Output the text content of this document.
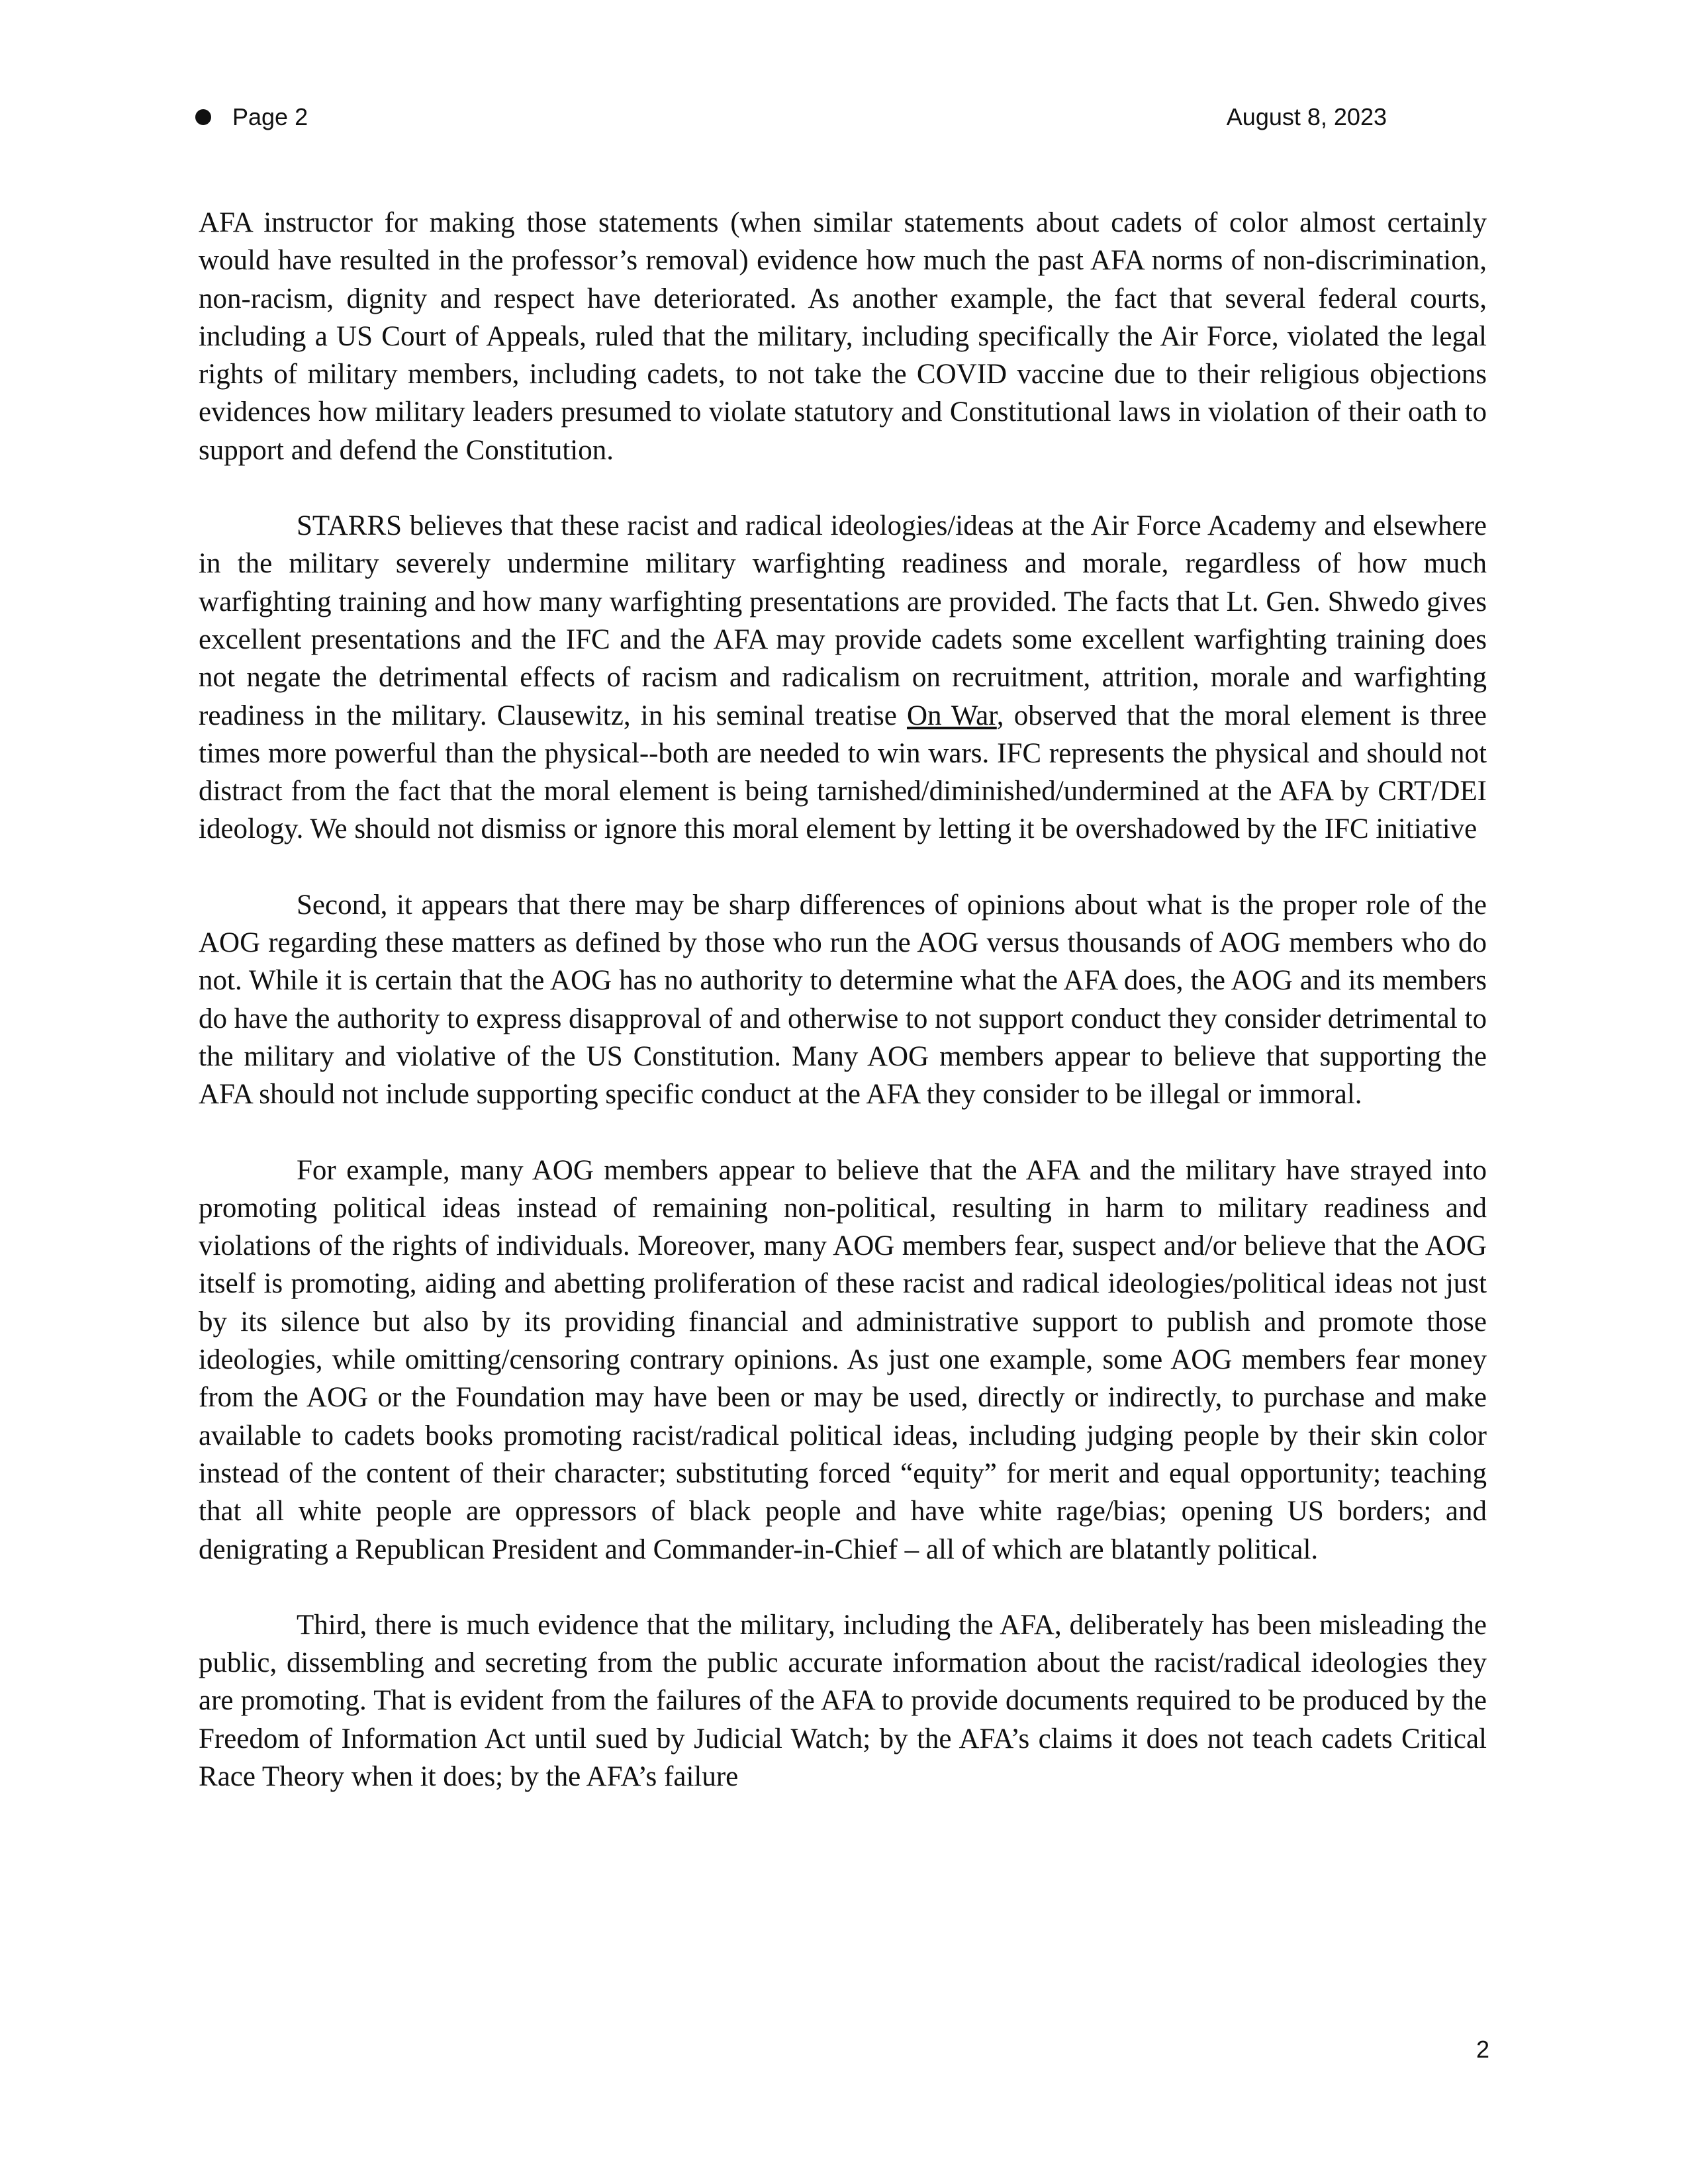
Page 2	August 8, 2023

AFA instructor for making those statements (when similar statements about cadets of color almost certainly would have resulted in the professor’s removal) evidence how much the past AFA norms of non-discrimination, non-racism, dignity and respect have deteriorated. As another example, the fact that several federal courts, including a US Court of Appeals, ruled that the military, including specifically the Air Force, violated the legal rights of military members, including cadets, to not take the COVID vaccine due to their religious objections evidences how military leaders presumed to violate statutory and Constitutional laws in violation of their oath to support and defend the Constitution.

STARRS believes that these racist and radical ideologies/ideas at the Air Force Academy and elsewhere in the military severely undermine military warfighting readiness and morale, regardless of how much warfighting training and how many warfighting presentations are provided. The facts that Lt. Gen. Shwedo gives excellent presentations and the IFC and the AFA may provide cadets some excellent warfighting training does not negate the detrimental effects of racism and radicalism on recruitment, attrition, morale and warfighting readiness in the military. Clausewitz, in his seminal treatise On War, observed that the moral element is three times more powerful than the physical--both are needed to win wars. IFC represents the physical and should not distract from the fact that the moral element is being tarnished/diminished/undermined at the AFA by CRT/DEI ideology. We should not dismiss or ignore this moral element by letting it be overshadowed by the IFC initiative

Second, it appears that there may be sharp differences of opinions about what is the proper role of the AOG regarding these matters as defined by those who run the AOG versus thousands of AOG members who do not. While it is certain that the AOG has no authority to determine what the AFA does, the AOG and its members do have the authority to express disapproval of and otherwise to not support conduct they consider detrimental to the military and violative of the US Constitution. Many AOG members appear to believe that supporting the AFA should not include supporting specific conduct at the AFA they consider to be illegal or immoral.

For example, many AOG members appear to believe that the AFA and the military have strayed into promoting political ideas instead of remaining non-political, resulting in harm to military readiness and violations of the rights of individuals. Moreover, many AOG members fear, suspect and/or believe that the AOG itself is promoting, aiding and abetting proliferation of these racist and radical ideologies/political ideas not just by its silence but also by its providing financial and administrative support to publish and promote those ideologies, while omitting/censoring contrary opinions. As just one example, some AOG members fear money from the AOG or the Foundation may have been or may be used, directly or indirectly, to purchase and make available to cadets books promoting racist/radical political ideas, including judging people by their skin color instead of the content of their character; substituting forced “equity” for merit and equal opportunity; teaching that all white people are oppressors of black people and have white rage/bias; opening US borders; and denigrating a Republican President and Commander-in-Chief – all of which are blatantly political.

Third, there is much evidence that the military, including the AFA, deliberately has been misleading the public, dissembling and secreting from the public accurate information about the racist/radical ideologies they are promoting. That is evident from the failures of the AFA to provide documents required to be produced by the Freedom of Information Act until sued by Judicial Watch; by the AFA’s claims it does not teach cadets Critical Race Theory when it does; by the AFA’s failure

2
